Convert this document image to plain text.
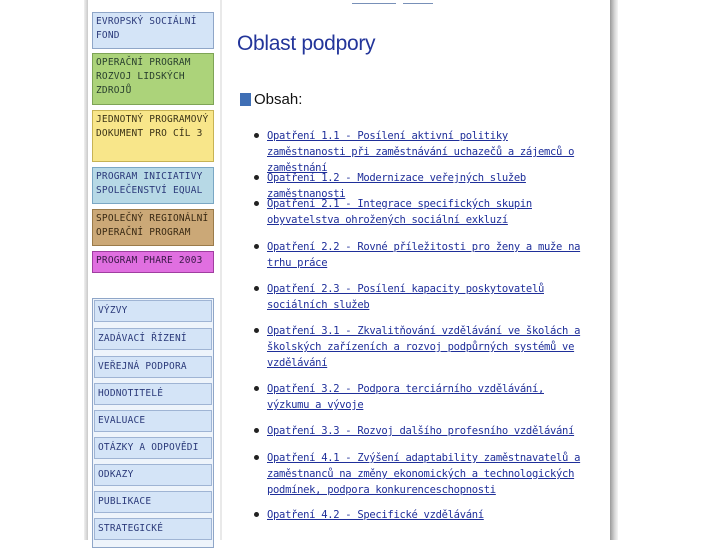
EVROPSKÝ SOCIÁLNÍ FOND
OPERAČNÍ PROGRAM ROZVOJ LIDSKÝCH ZDROJŮ
JEDNOTNÝ PROGRAMOVÝ DOKUMENT PRO CÍL 3
PROGRAM INICIATIVY SPOLEČENSTVÍ EQUAL
SPOLEČNÝ REGIONÁLNÍ OPERAČNÍ PROGRAM
PROGRAM PHARE 2003
VÝZVY
ZADÁVACÍ ŘÍZENÍ
VEŘEJNÁ PODPORA
HODNOTITELÉ
EVALUACE
OTÁZKY A ODPOVĚDI
ODKAZY
PUBLIKACE
STRATEGICKÉ
Oblast podpory
Obsah:
Opatření 1.1 - Posílení aktivní politiky zaměstnanosti při zaměstnávání uchazečů a zájemců o zaměstnání
Opatření 1.2 - Modernizace veřejných služeb zaměstnanosti
Opatření 2.1 - Integrace specifických skupin obyvatelstva ohrožených sociální exkluzí
Opatření 2.2 - Rovné příležitosti pro ženy a muže na trhu práce
Opatření 2.3 - Posílení kapacity poskytovatelů sociálních služeb
Opatření 3.1 - Zkvalitňování vzdělávání ve školách a školských zařízeních a rozvoj podpůrných systémů ve vzdělávání
Opatření 3.2 - Podpora terciárního vzdělávání, výzkumu a vývoje
Opatření 3.3 - Rozvoj dalšího profesního vzdělávání
Opatření 4.1 - Zvýšení adaptability zaměstnavatelů a zaměstnanců na změny ekonomických a technologických podmínek, podpora konkurenceschopnosti
Opatření 4.2 - Specifické vzdělávání
